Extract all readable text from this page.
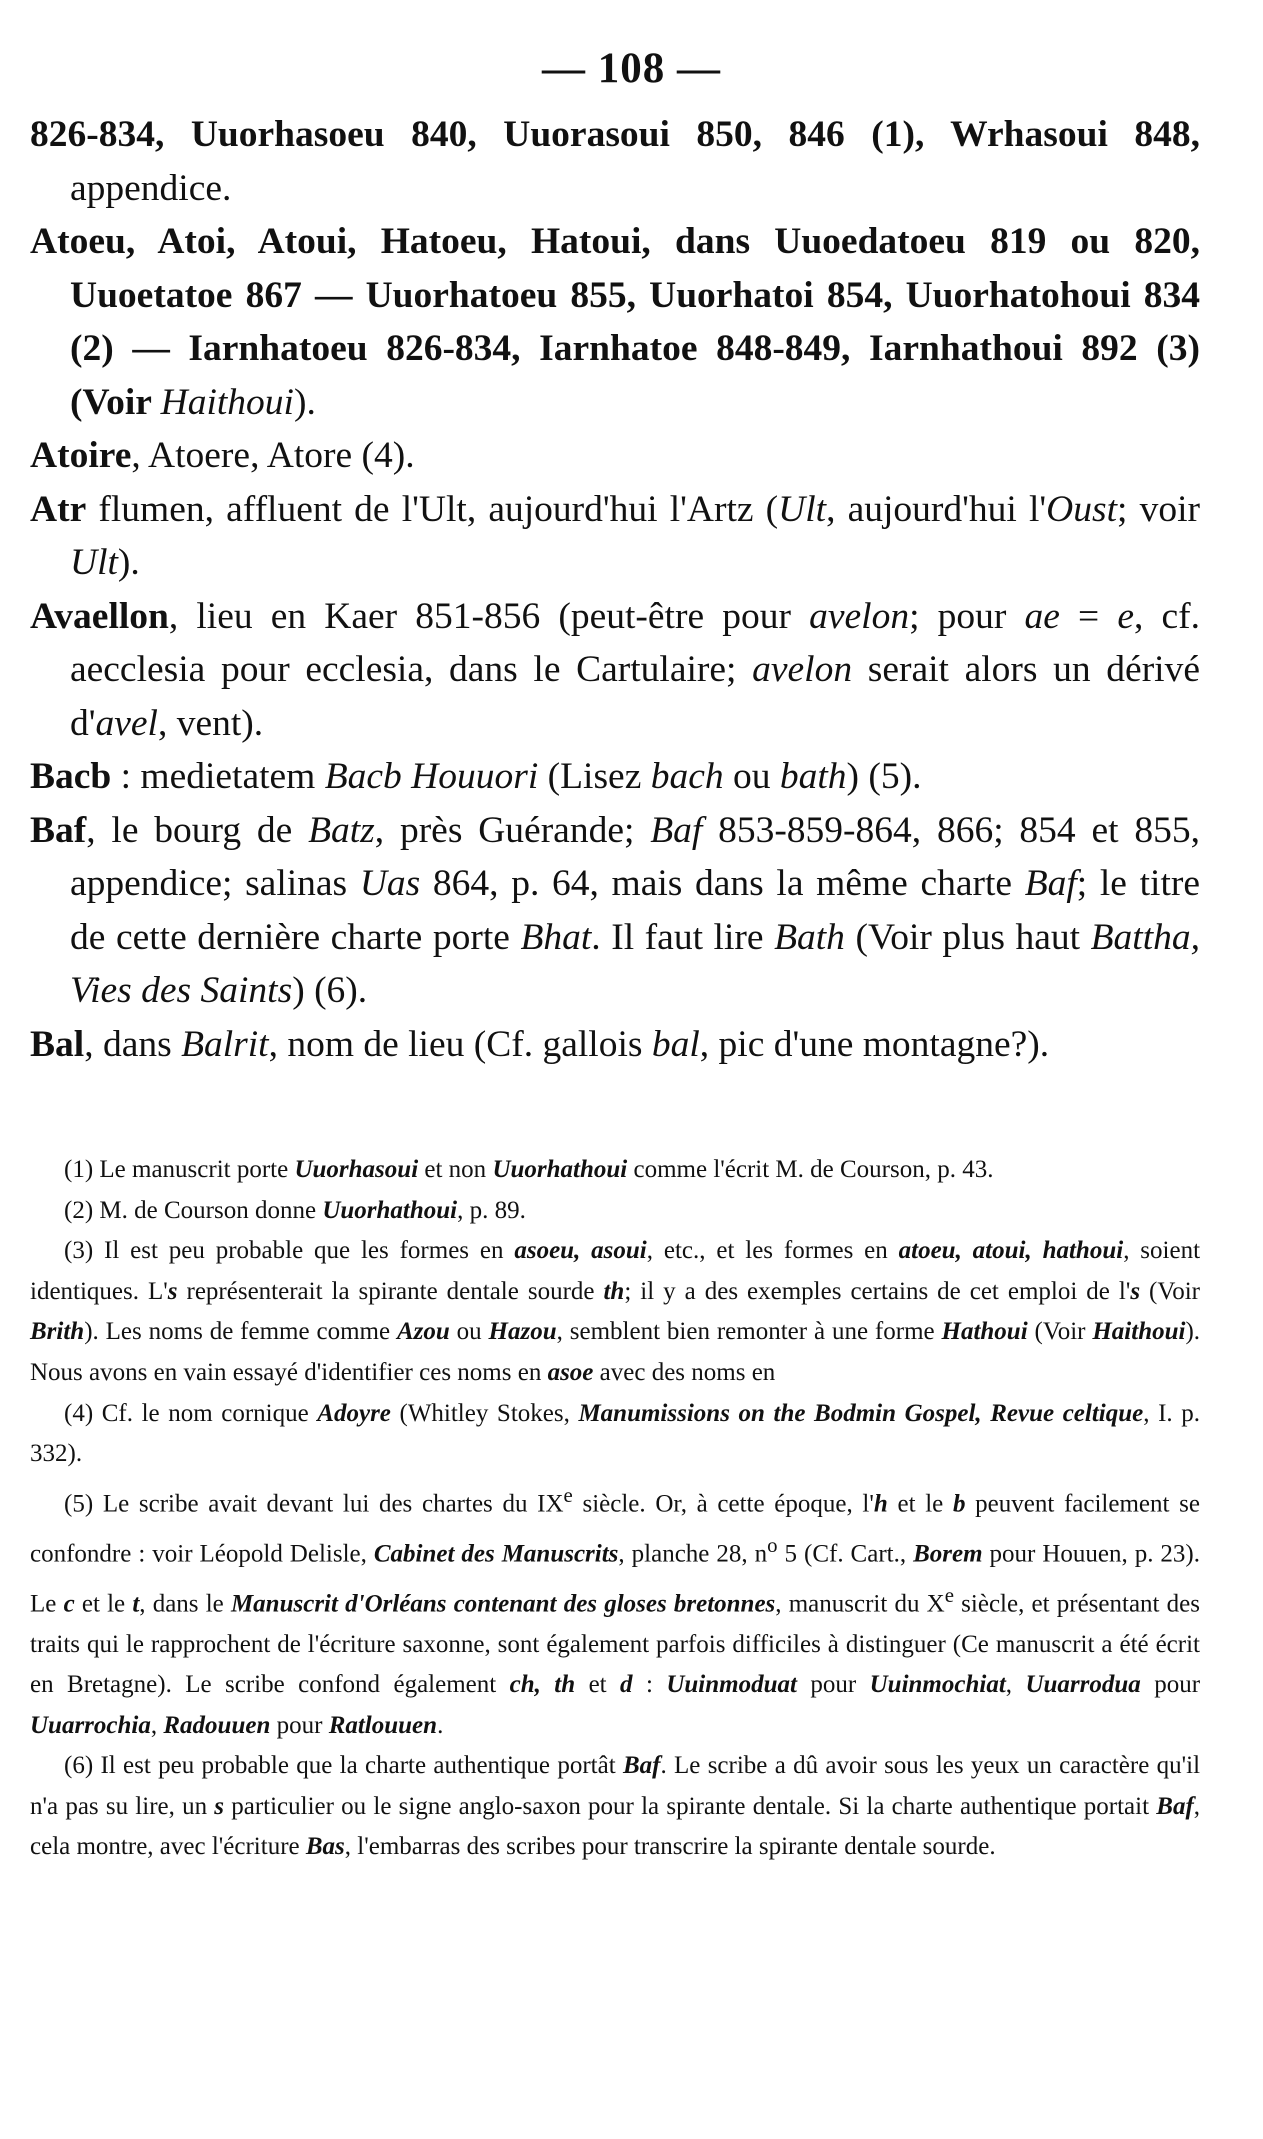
— 108 —

826-834, Uuorhasoeu 840, Uuorasoui 850, 846 (1), Wrhasoui 848, appendice.

Atoeu, Atoi, Atoui, Hatoeu, Hatoui, dans Uuoedatoeu 819 ou 820, Uuoetatoe 867 — Uuorhatoeu 855, Uuorhatoi 854, Uuorhatohoui 834 (2) — Iarnhatoeu 826-834, Iarnhatoe 848-849, Iarnhathoui 892 (3) (Voir Haithoui).

Atoire, Atoere, Atore (4).

Atr flumen, affluent de l'Ult, aujourd'hui l'Artz (Ult, aujourd'hui l'Oust; voir Ult).

Avaellon, lieu en Kaer 851-856 (peut-être pour avelon; pour ae = e, cf. aecclesia pour ecclesia, dans le Cartulaire; avelon serait alors un dérivé d'avel, vent).

Bacb : medietatem Bacb Houuori (Lisez bach ou bath) (5).

Baf, le bourg de Batz, près Guérande; Baf 853-859-864, 866; 854 et 855, appendice; salinas Uas 864, p. 64, mais dans la même charte Baf; le titre de cette dernière charte porte Bhat. Il faut lire Bath (Voir plus haut Battha, Vies des Saints) (6).

Bal, dans Balrit, nom de lieu (Cf. gallois bal, pic d'une montagne?).

(1) Le manuscrit porte Uuorhasoui et non Uuorhathoui comme l'écrit M. de Courson, p. 43.

(2) M. de Courson donne Uuorhathoui, p. 89.

(3) Il est peu probable que les formes en asoeu, asoui, etc., et les formes en atoeu, atoui, hathoui, soient identiques. L's représenterait la spirante dentale sourde th; il y a des exemples certains de cet emploi de l's (Voir Brith). Les noms de femme comme Azou ou Hazou, semblent bien remonter à une forme Hathoui (Voir Haithoui). Nous avons en vain essayé d'identifier ces noms en asoe avec des noms en

(4) Cf. le nom cornique Adoyre (Whitley Stokes, Manumissions on the Bodmin Gospel, Revue celtique, I. p. 332).

(5) Le scribe avait devant lui des chartes du IXe siècle. Or, à cette époque, l'h et le b peuvent facilement se confondre : voir Léopold Delisle, Cabinet des Manuscrits, planche 28, $n^o$ 5 (Cf. Cart., Borem pour Houuen, p. 23). Le c et le t, dans le Manuscrit d'Orléans contenant des gloses bretonnes, manuscrit du Xe siècle, et présentant des traits qui le rapprochent de l'écriture saxonne, sont également parfois difficiles à distinguer (Ce manuscrit a été écrit en Bretagne). Le scribe confond également ch, th et d : Uuinmoduat pour Uuinmochiat, Uuarrodua pour Uuarrochia, Radouuen pour Ratlouuen.

(6) Il est peu probable que la charte authentique portât Baf. Le scribe a dû avoir sous les yeux un caractère qu'il n'a pas su lire, un s particulier ou le signe anglo-saxon pour la spirante dentale. Si la charte authentique portait Baf, cela montre, avec l'écriture Bas, l'embarras des scribes pour transcrire la spirante dentale sourde.
